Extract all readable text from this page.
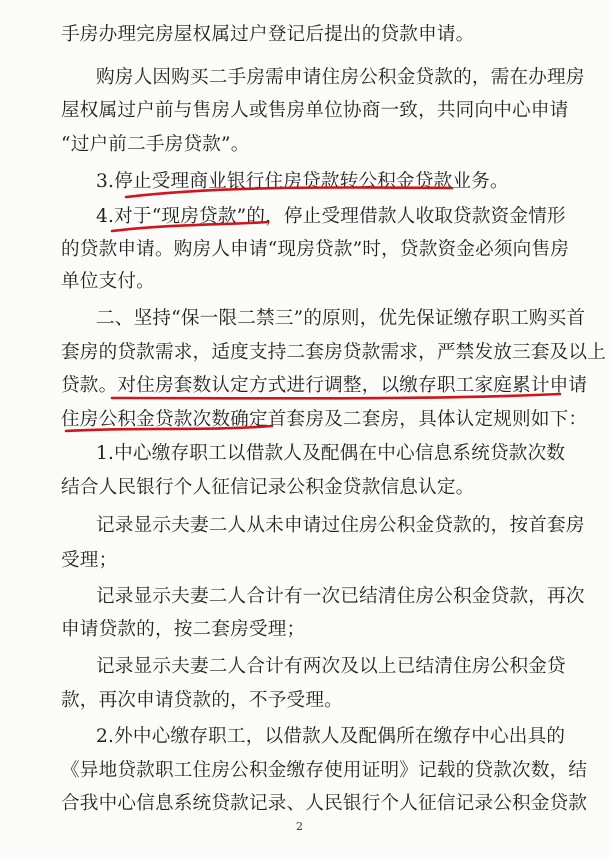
手房办理完房屋权属过户登记后提出的贷款申请。
购房人因购买二手房需申请住房公积金贷款的，需在办理房
屋权属过户前与售房人或售房单位协商一致，共同向中心申请
“过户前二手房贷款”。
3.停止受理商业银行住房贷款转公积金贷款业务。
4.对于“现房贷款”的，停止受理借款人收取贷款资金情形
的贷款申请。购房人申请“现房贷款”时，贷款资金必须向售房
单位支付。
二、坚持“保一限二禁三”的原则，优先保证缴存职工购买首
套房的贷款需求，适度支持二套房贷款需求，严禁发放三套及以上
贷款。对住房套数认定方式进行调整，以缴存职工家庭累计申请
住房公积金贷款次数确定首套房及二套房，具体认定规则如下：
1.中心缴存职工以借款人及配偶在中心信息系统贷款次数
结合人民银行个人征信记录公积金贷款信息认定。
记录显示夫妻二人从未申请过住房公积金贷款的，按首套房
受理；
记录显示夫妻二人合计有一次已结清住房公积金贷款，再次
申请贷款的，按二套房受理；
记录显示夫妻二人合计有两次及以上已结清住房公积金贷
款，再次申请贷款的，不予受理。
2.外中心缴存职工，以借款人及配偶所在缴存中心出具的
《异地贷款职工住房公积金缴存使用证明》记载的贷款次数，结
合我中心信息系统贷款记录、人民银行个人征信记录公积金贷款
2
